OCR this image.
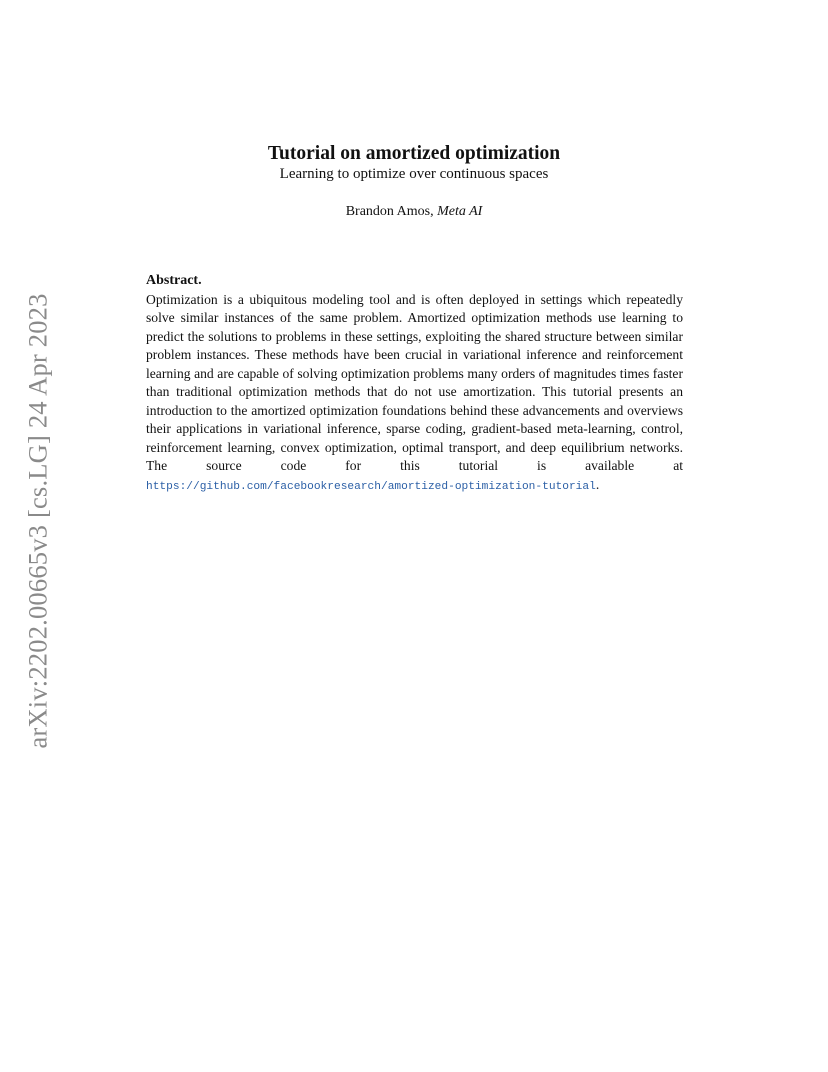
arXiv:2202.00665v3 [cs.LG] 24 Apr 2023
Tutorial on amortized optimization
Learning to optimize over continuous spaces
Brandon Amos, Meta AI
Abstract.
Optimization is a ubiquitous modeling tool and is often deployed in settings which repeatedly solve similar instances of the same problem. Amortized optimization methods use learning to predict the solutions to problems in these settings, exploiting the shared structure between similar problem instances. These methods have been crucial in variational inference and reinforcement learning and are capable of solving optimization problems many orders of magnitudes times faster than traditional optimization methods that do not use amortization. This tutorial presents an introduction to the amortized optimization foundations behind these advancements and overviews their applications in variational inference, sparse coding, gradient-based meta-learning, control, reinforcement learning, convex optimization, optimal transport, and deep equilibrium networks. The source code for this tutorial is available	at https://github.com/facebookresearch/amortized-optimization-tutorial.
